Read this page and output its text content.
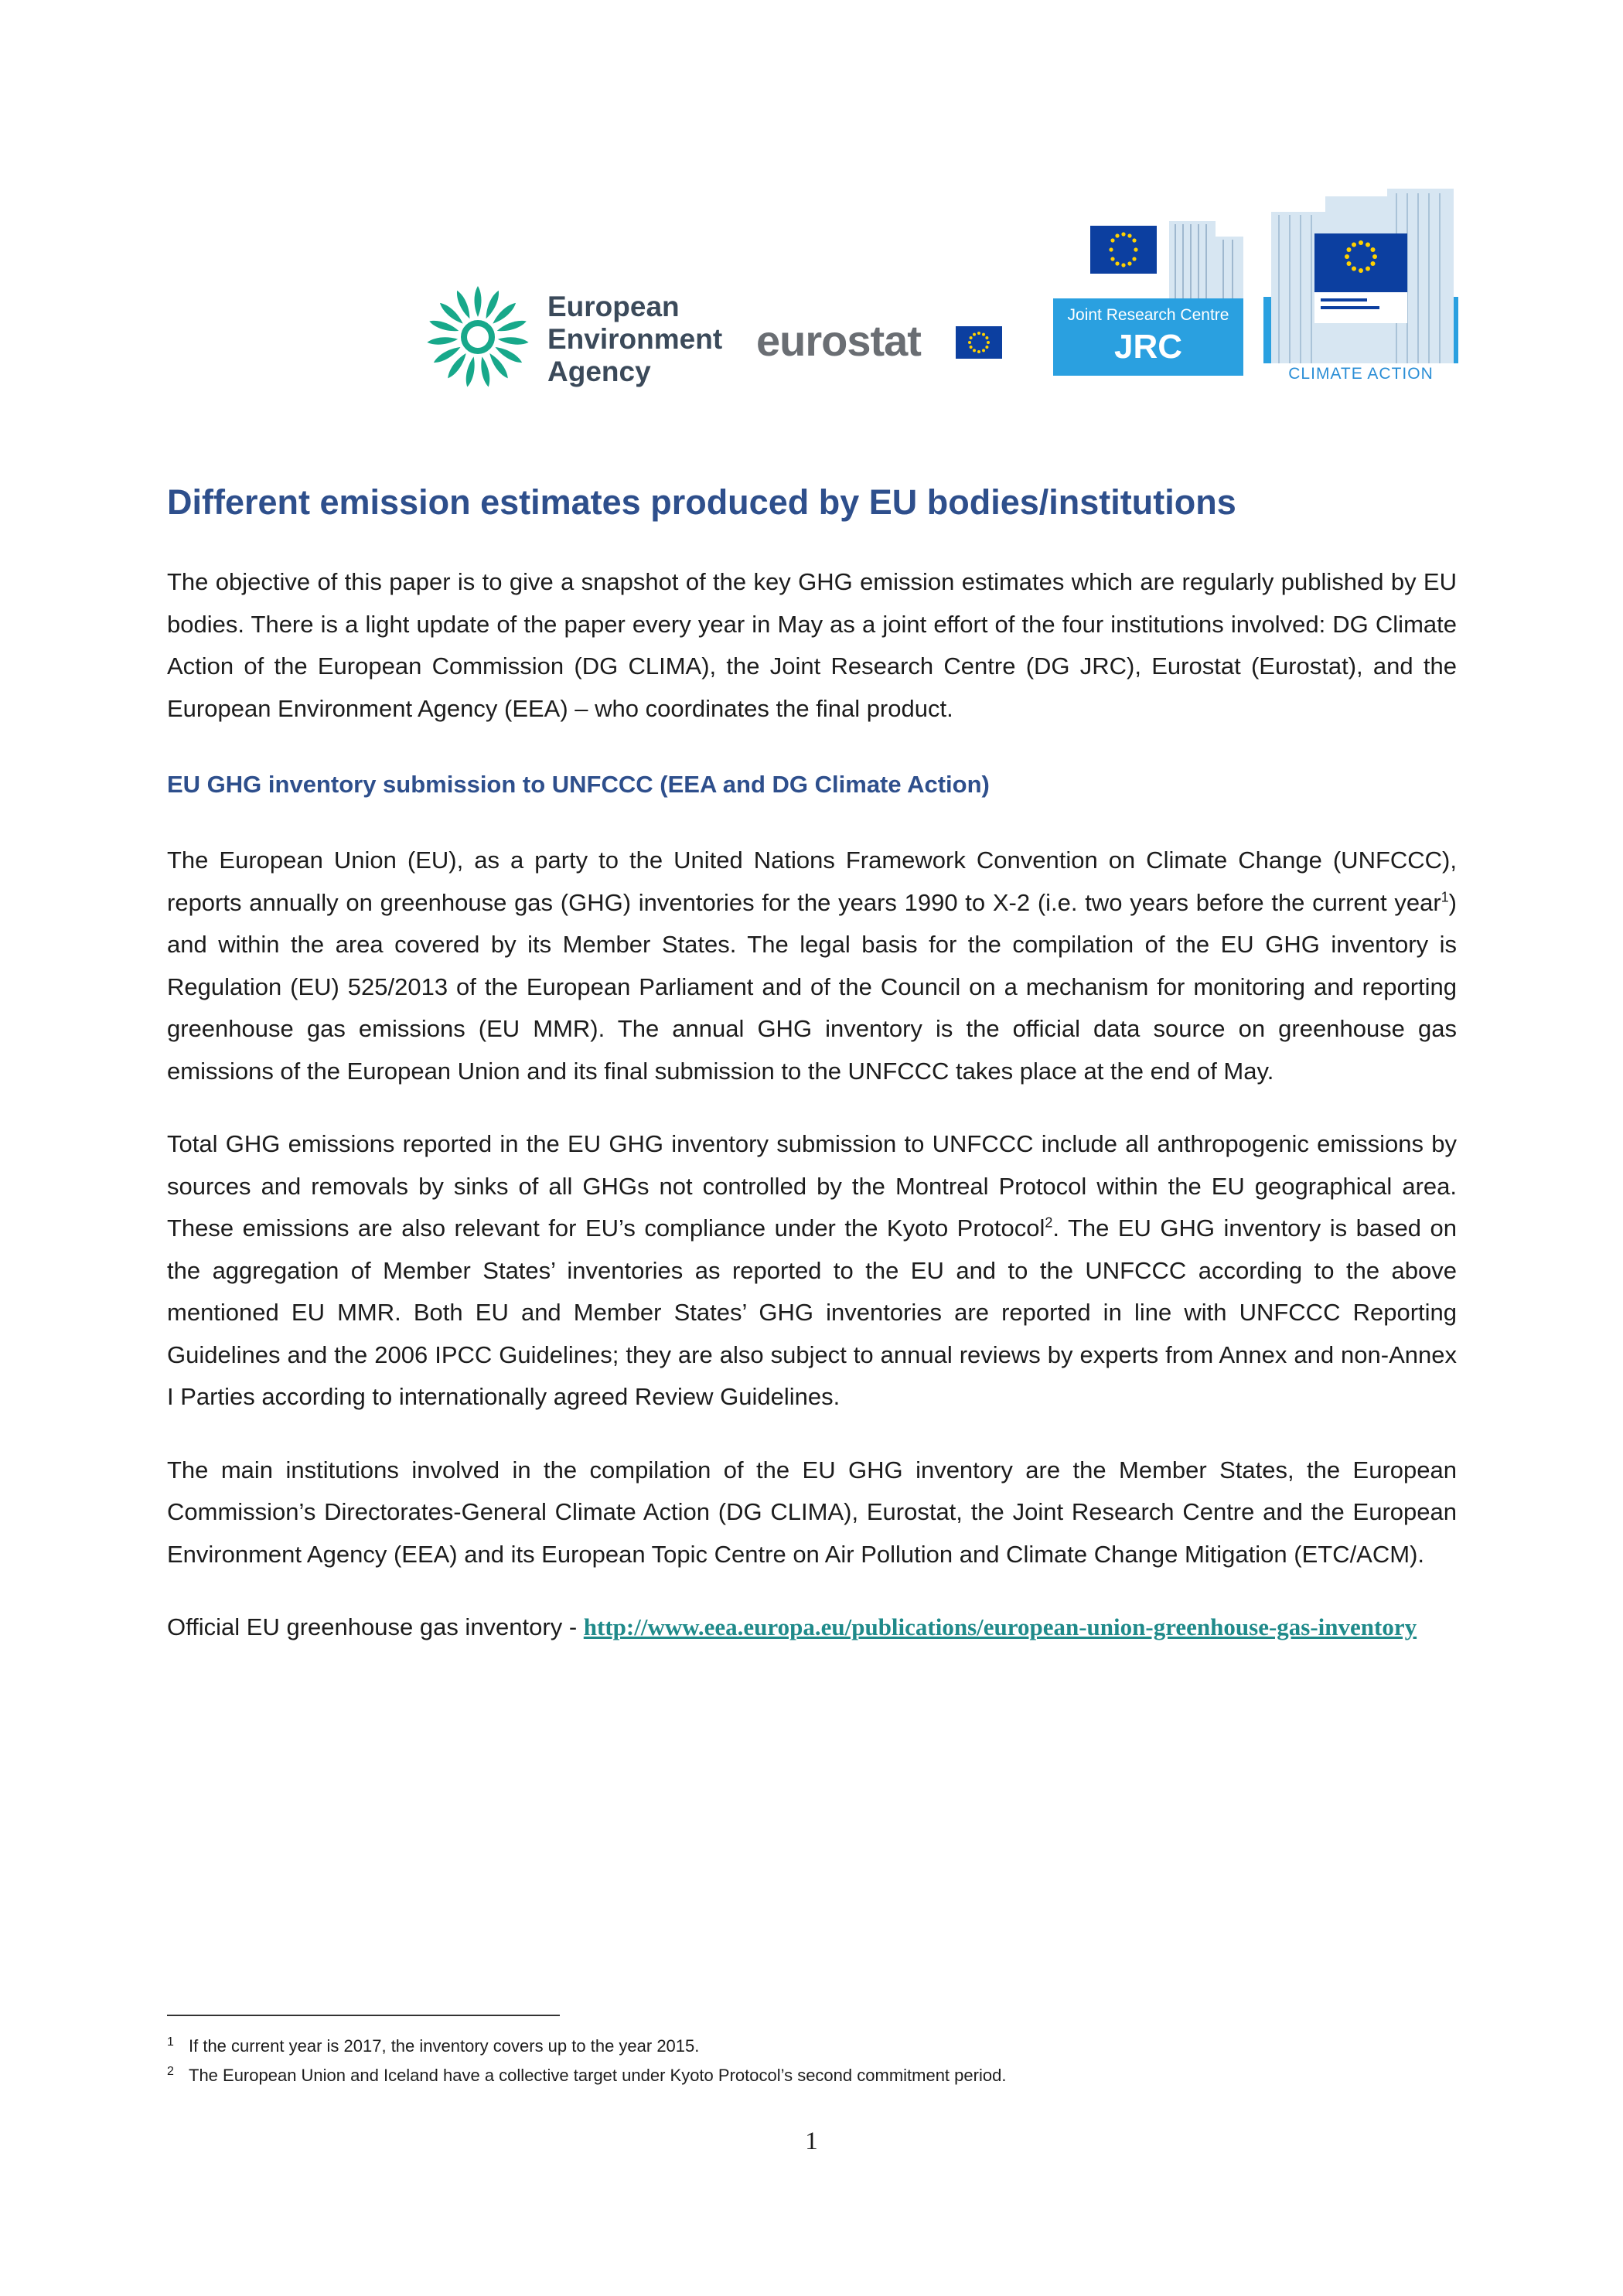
European
Environment
Agency
eurostat
Joint Research Centre
JRC
CLIMATE ACTION
Different emission estimates produced by EU bodies/institutions

The objective of this paper is to give a snapshot of the key GHG emission estimates which are regularly published by EU bodies. There is a light update of the paper every year in May as a joint effort of the four institutions involved: DG Climate Action of the European Commission (DG CLIMA), the Joint Research Centre (DG JRC), Eurostat (Eurostat), and the European Environment Agency (EEA) – who coordinates the final product.

EU GHG inventory submission to UNFCCC (EEA and DG Climate Action)

The European Union (EU), as a party to the United Nations Framework Convention on Climate Change (UNFCCC), reports annually on greenhouse gas (GHG) inventories for the years 1990 to X-2 (i.e. two years before the current year$^1$) and within the area covered by its Member States. The legal basis for the compilation of the EU GHG inventory is Regulation (EU) 525/2013 of the European Parliament and of the Council on a mechanism for monitoring and reporting greenhouse gas emissions (EU MMR). The annual GHG inventory is the official data source on greenhouse gas emissions of the European Union and its final submission to the UNFCCC takes place at the end of May.

Total GHG emissions reported in the EU GHG inventory submission to UNFCCC include all anthropogenic emissions by sources and removals by sinks of all GHGs not controlled by the Montreal Protocol within the EU geographical area. These emissions are also relevant for EU’s compliance under the Kyoto Protocol$^2$. The EU GHG inventory is based on the aggregation of Member States’ inventories as reported to the EU and to the UNFCCC according to the above mentioned EU MMR. Both EU and Member States’ GHG inventories are reported in line with UNFCCC Reporting Guidelines and the 2006 IPCC Guidelines; they are also subject to annual reviews by experts from Annex and non-Annex I Parties according to internationally agreed Review Guidelines.

The main institutions involved in the compilation of the EU GHG inventory are the Member States, the European Commission’s Directorates-General Climate Action (DG CLIMA), Eurostat, the Joint Research Centre and the European Environment Agency (EEA) and its European Topic Centre on Air Pollution and Climate Change Mitigation (ETC/ACM).

Official EU greenhouse gas inventory - http://www.eea.europa.eu/publications/european-union-greenhouse-gas-inventory

1 If the current year is 2017, the inventory covers up to the year 2015.

2 The European Union and Iceland have a collective target under Kyoto Protocol’s second commitment period.

1
